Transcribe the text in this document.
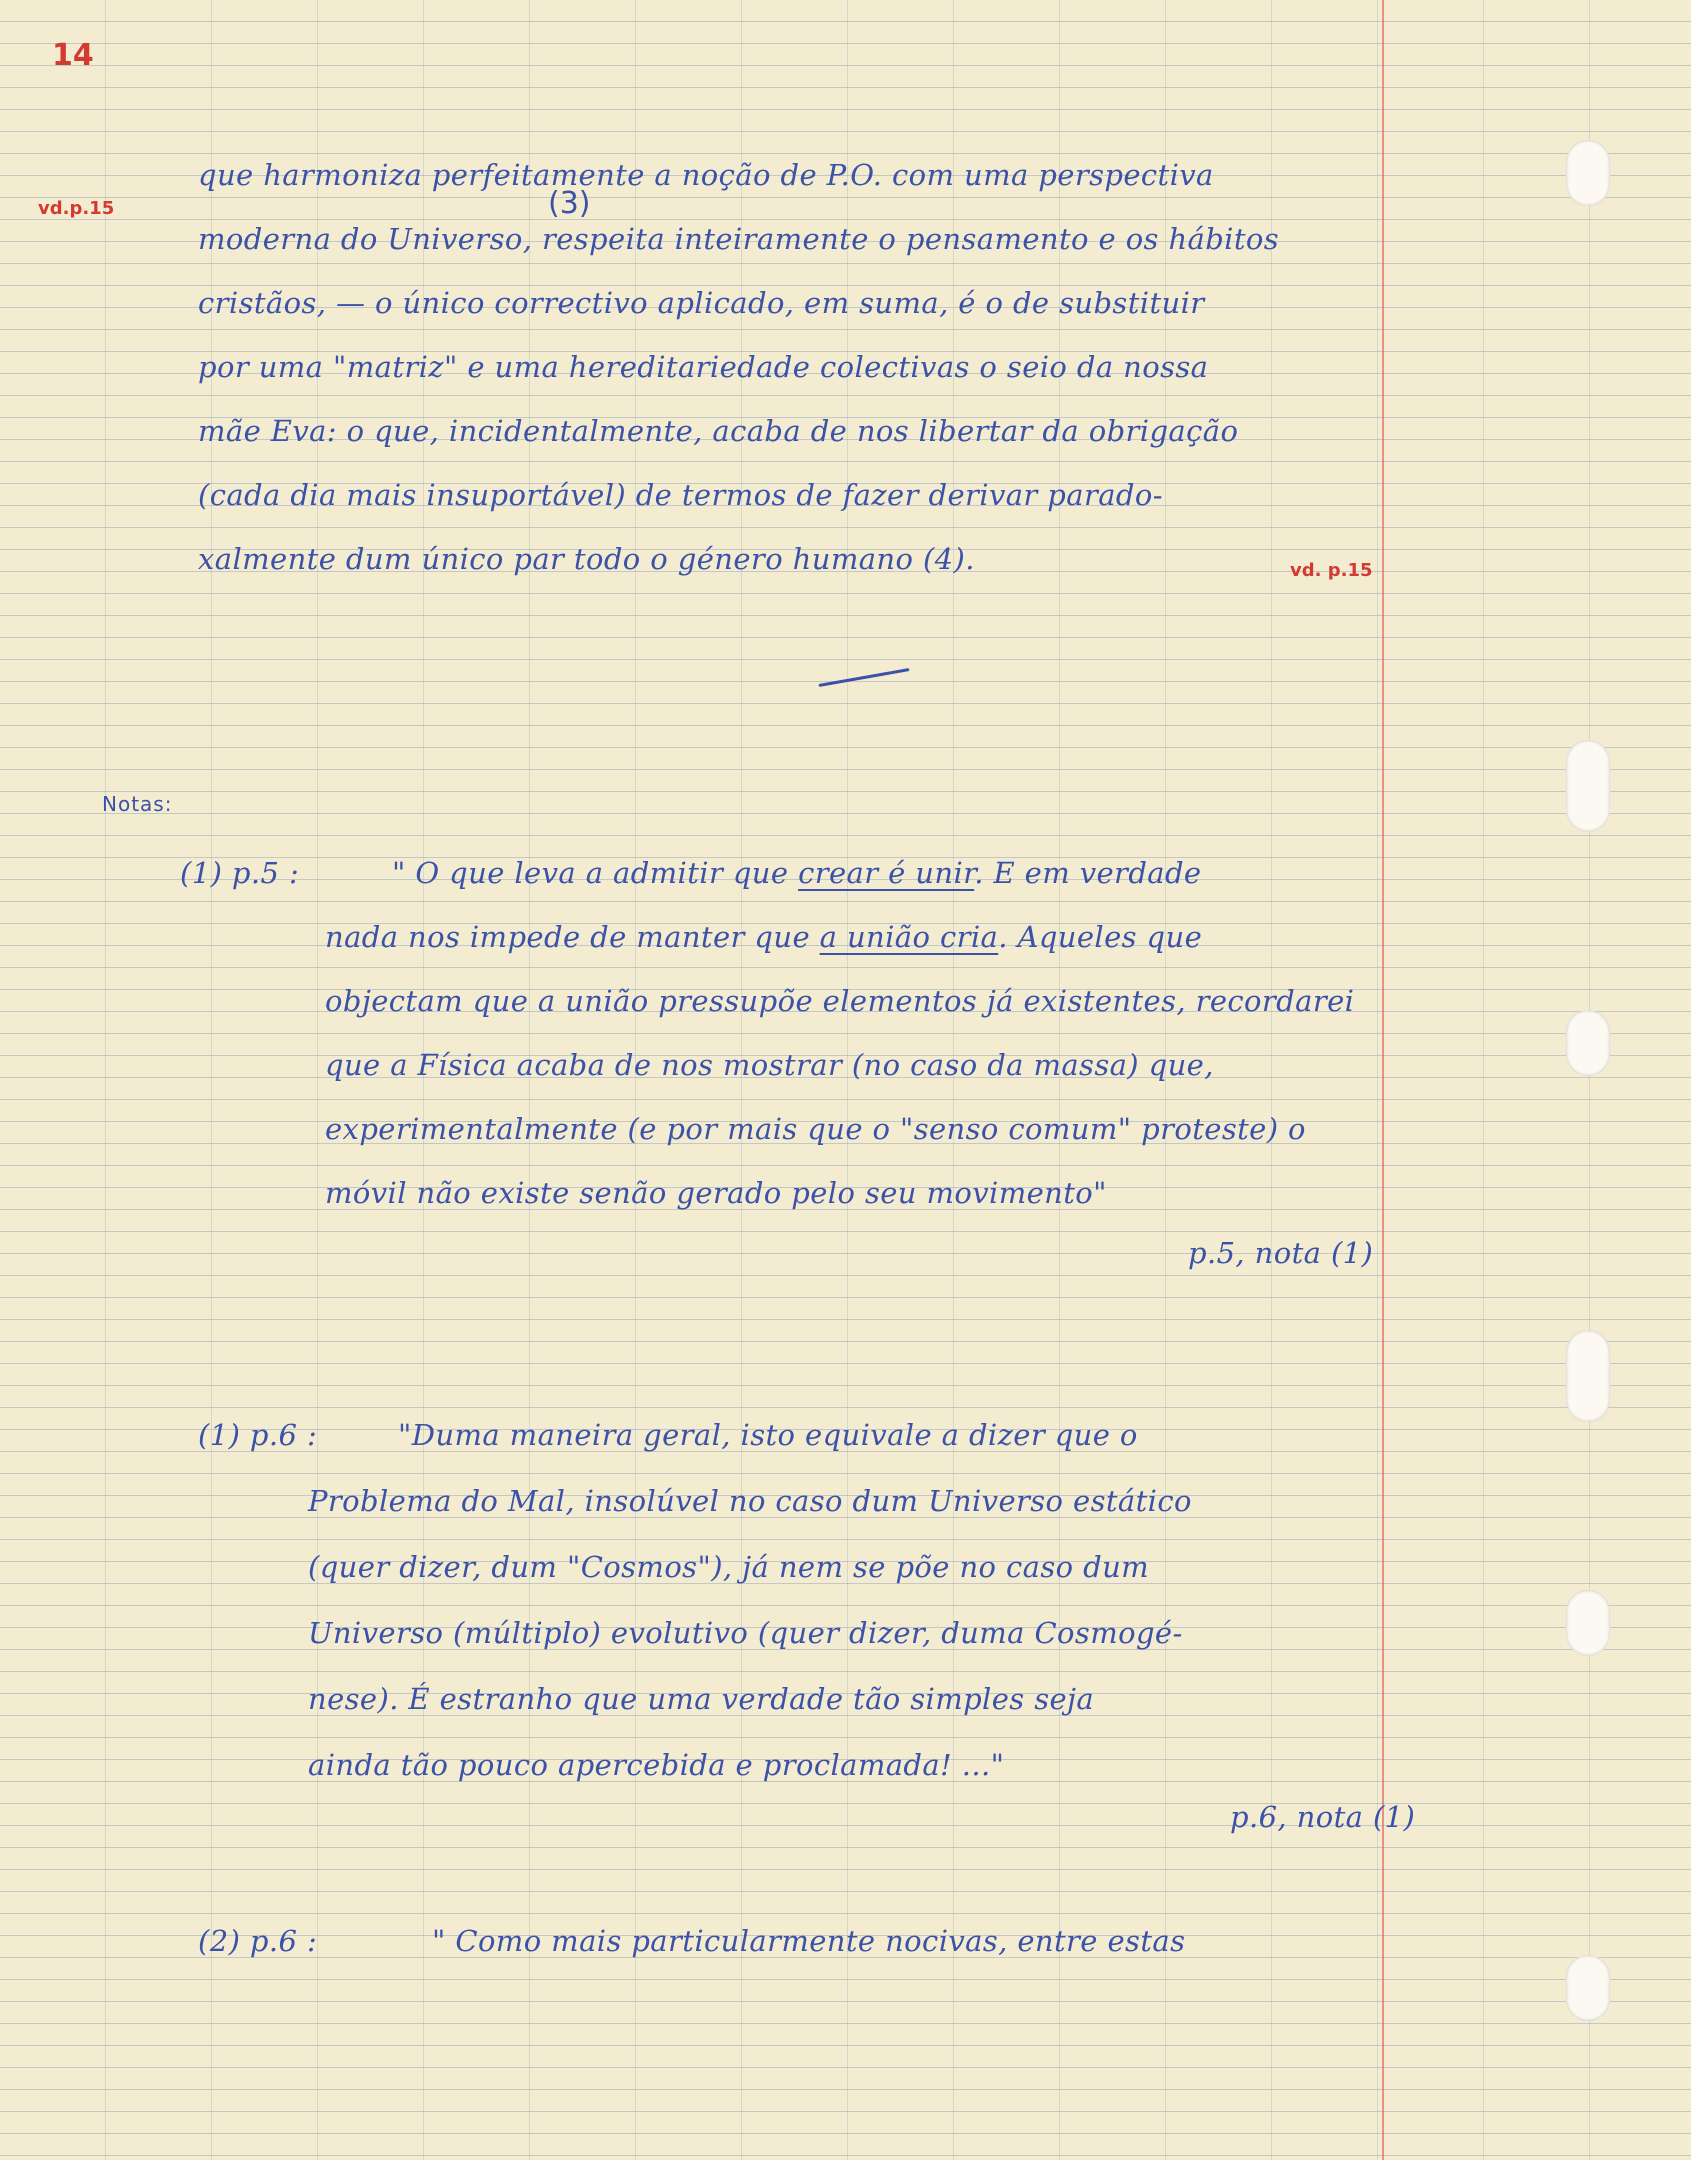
14
vd.p.15
vd. p.15
(3)
que harmoniza perfeitamente a noção de P.O. com uma perspectiva
moderna do Universo, respeita inteiramente o pensamento e os hábitos
cristãos, — o único correctivo aplicado, em suma, é o de substituir
por uma "matriz" e uma hereditariedade colectivas o seio da nossa
mãe Eva: o que, incidentalmente, acaba de nos libertar da obrigação
(cada dia mais insuportável) de termos de fazer derivar parado-
xalmente dum único par todo o género humano (4).
Notas:
(1) p.5 :	" O que leva a admitir que crear é unir. E em verdade
nada nos impede de manter que a união cria. Aqueles que
objectam que a união pressupõe elementos já existentes, recordarei
que a Física acaba de nos mostrar (no caso da massa) que,
experimentalmente (e por mais que o "senso comum" proteste) o
móvil não existe senão gerado pelo seu movimento"
p.5, nota (1)
(1) p.6 :	"Duma maneira geral, isto equivale a dizer que o
Problema do Mal, insolúvel no caso dum Universo estático
(quer dizer, dum "Cosmos"), já nem se põe no caso dum
Universo (múltiplo) evolutivo (quer dizer, duma Cosmogé-
nese). É estranho que uma verdade tão simples seja
ainda tão pouco apercebida e proclamada! ..."
p.6, nota (1)
(2) p.6 :	" Como mais particularmente nocivas, entre estas
